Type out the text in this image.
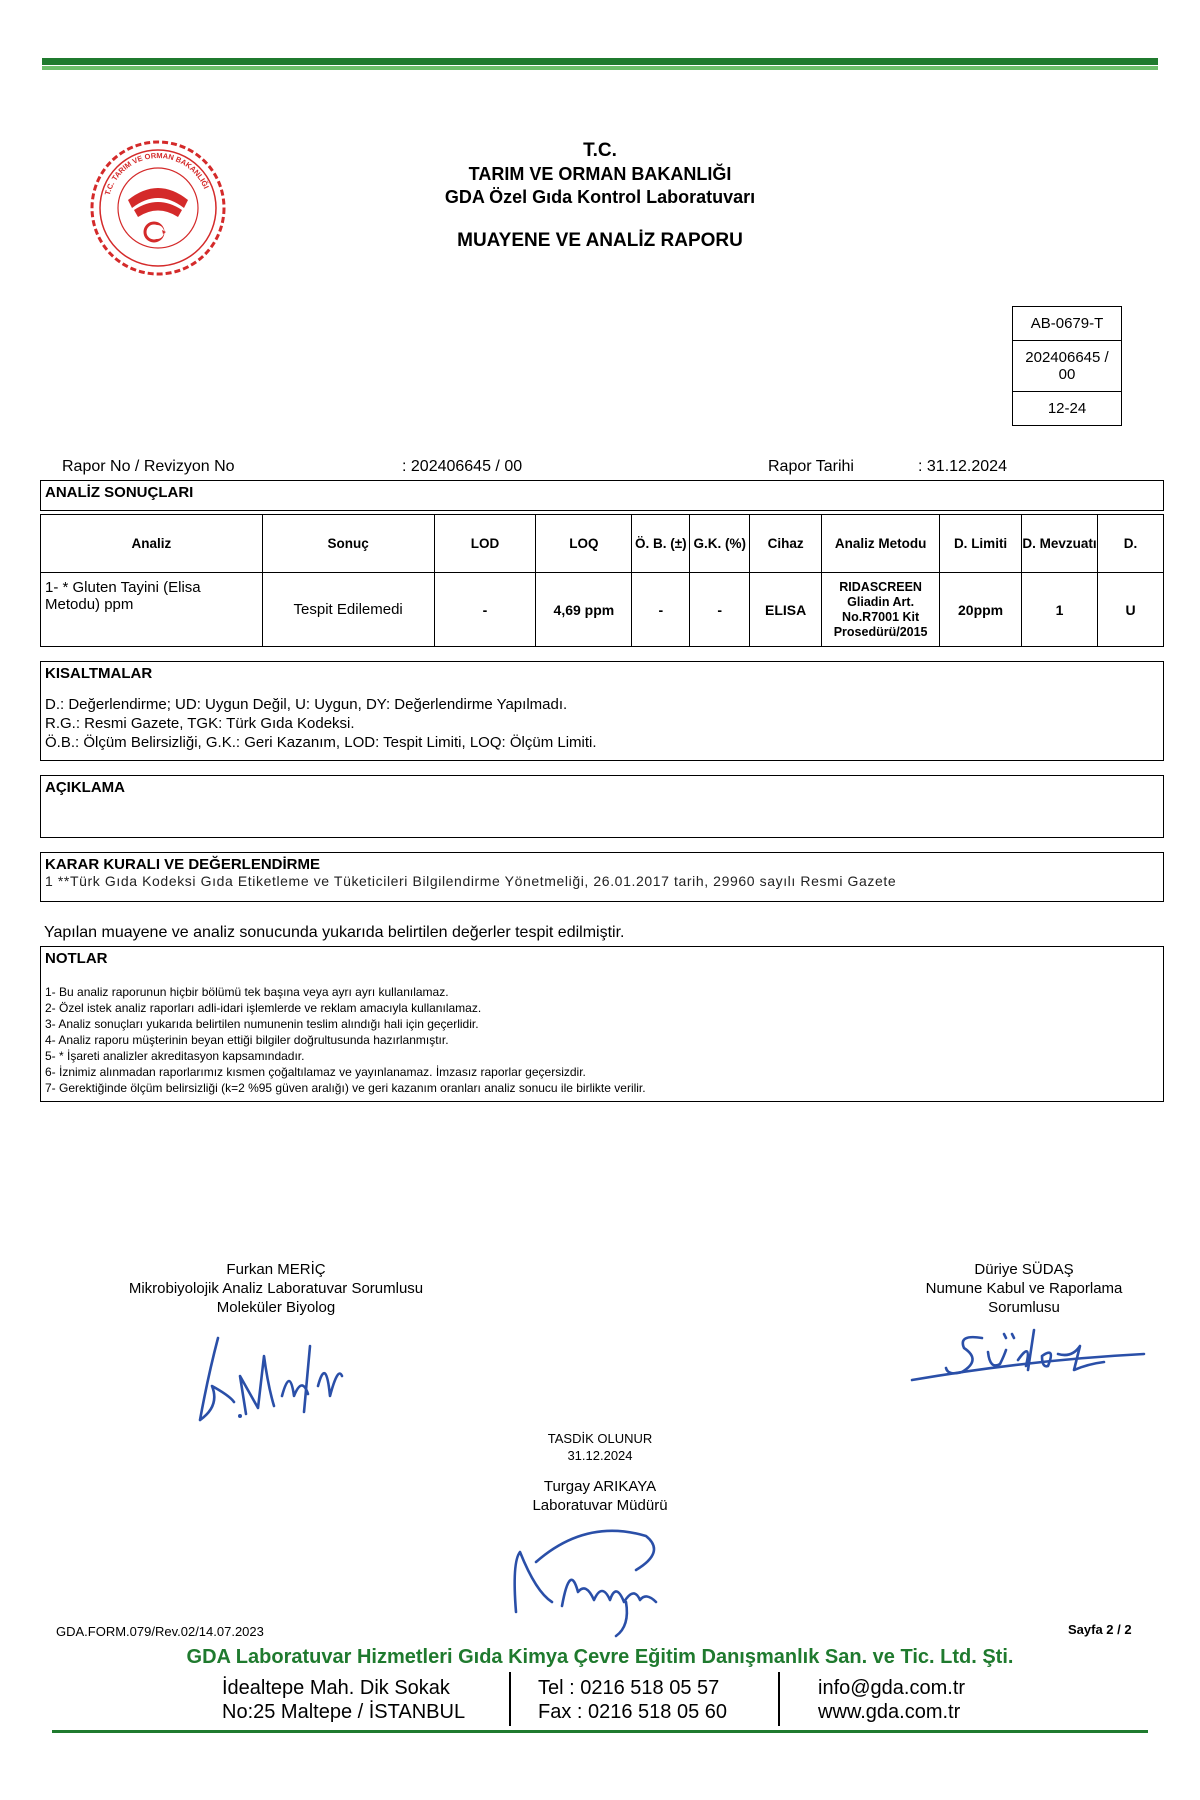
T.C. TARIM VE ORMAN BAKANLIĞI
T.C.
TARIM VE ORMAN BAKANLIĞI
GDA Özel Gıda Kontrol Laboratuvarı
MUAYENE VE ANALİZ RAPORU
AB-0679-T
202406645 / 00
12-24
Rapor No / Revizyon No	: 202406645 / 00	Rapor Tarihi	: 31.12.2024
ANALİZ SONUÇLARI
Analiz	Sonuç	LOD	LOQ	Ö. B. (±)	G.K. (%)	Cihaz	Analiz Metodu	D. Limiti	D. Mevzuatı	D.
1- * Gluten Tayini (Elisa Metodu) ppm	Tespit Edilemedi	-	4,69 ppm	-	-	ELISA	RIDASCREEN Gliadin Art. No.R7001 Kit Prosedürü/2015	20ppm	1	U
KISALTMALAR
D.: Değerlendirme; UD: Uygun Değil, U: Uygun, DY: Değerlendirme Yapılmadı.
R.G.: Resmi Gazete, TGK: Türk Gıda Kodeksi.
Ö.B.: Ölçüm Belirsizliği, G.K.: Geri Kazanım, LOD: Tespit Limiti, LOQ: Ölçüm Limiti.
AÇIKLAMA
KARAR KURALI VE DEĞERLENDİRME
1 **Türk Gıda Kodeksi Gıda Etiketleme ve Tüketicileri Bilgilendirme Yönetmeliği, 26.01.2017 tarih, 29960 sayılı Resmi Gazete
Yapılan muayene ve analiz sonucunda yukarıda belirtilen değerler tespit edilmiştir.
NOTLAR
1- Bu analiz raporunun hiçbir bölümü tek başına veya ayrı ayrı kullanılamaz.
2- Özel istek analiz raporları adli-idari işlemlerde ve reklam amacıyla kullanılamaz.
3- Analiz sonuçları yukarıda belirtilen numunenin teslim alındığı hali için geçerlidir.
4- Analiz raporu müşterinin beyan ettiği bilgiler doğrultusunda hazırlanmıştır.
5- * İşareti analizler akreditasyon kapsamındadır.
6- İznimiz alınmadan raporlarımız kısmen çoğaltılamaz ve yayınlanamaz. İmzasız raporlar geçersizdir.
7- Gerektiğinde ölçüm belirsizliği (k=2 %95 güven aralığı) ve geri kazanım oranları analiz sonucu ile birlikte verilir.
Furkan MERİÇ
Mikrobiyolojik Analiz Laboratuvar Sorumlusu
Moleküler Biyolog
Düriye SÜDAŞ
Numune Kabul ve Raporlama
Sorumlusu
TASDİK OLUNUR
31.12.2024
Turgay ARIKAYA
Laboratuvar Müdürü
GDA.FORM.079/Rev.02/14.07.2023	Sayfa 2 / 2
GDA Laboratuvar Hizmetleri Gıda Kimya Çevre Eğitim Danışmanlık San. ve Tic. Ltd. Şti.
İdealtepe Mah. Dik Sokak
No:25 Maltepe / İSTANBUL
Tel : 0216 518 05 57
Fax : 0216 518 05 60
info@gda.com.tr
www.gda.com.tr
